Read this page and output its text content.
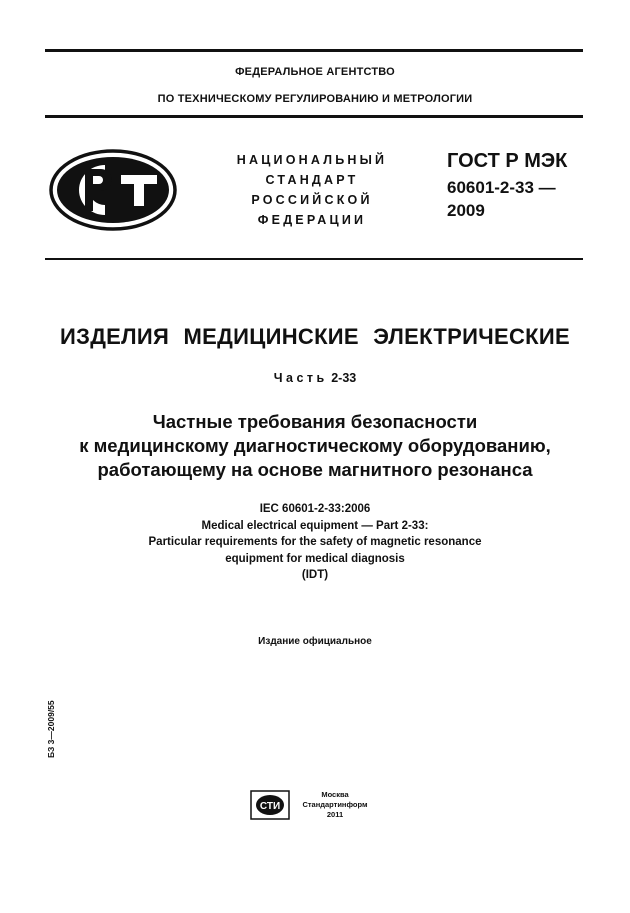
ФЕДЕРАЛЬНОЕ АГЕНТСТВО
ПО ТЕХНИЧЕСКОМУ РЕГУЛИРОВАНИЮ И МЕТРОЛОГИИ
НАЦИОНАЛЬНЫЙ
СТАНДАРТ
РОССИЙСКОЙ
ФЕДЕРАЦИИ
ГОСТ Р МЭК
60601-2-33 —
2009
ИЗДЕЛИЯ МЕДИЦИНСКИЕ ЭЛЕКТРИЧЕСКИЕ
Часть 2-33
Частные требования безопасности
к медицинскому диагностическому оборудованию,
работающему на основе магнитного резонанса
IEC 60601-2-33:2006
Medical electrical equipment — Part 2-33:
Particular requirements for the safety of magnetic resonance
equipment for medical diagnosis
(IDT)
Издание официальное
БЗ 3—2009/55
СТИ
Москва
Стандартинформ
2011
